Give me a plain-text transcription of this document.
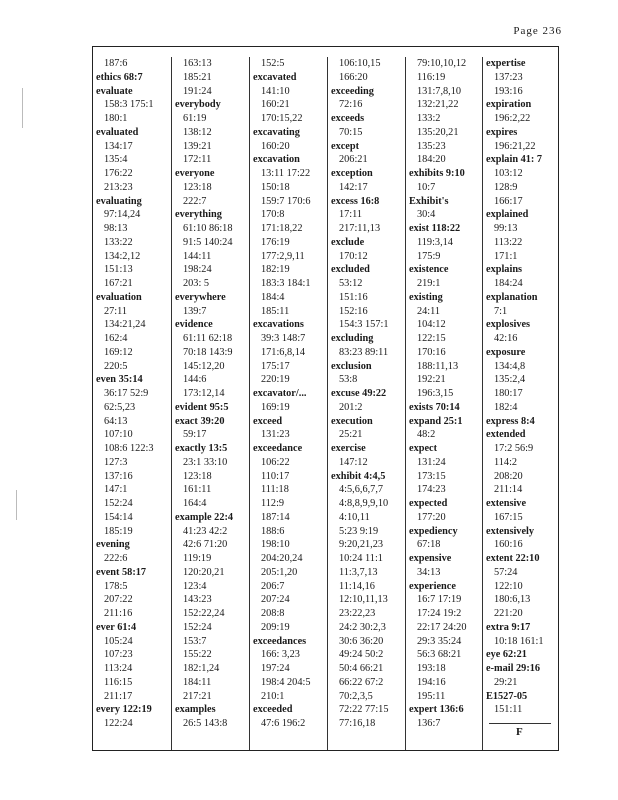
Page 236
187:6
ethics 68:7
evaluate
158:3 175:1
180:1
evaluated
134:17
135:4
176:22
213:23
evaluating
97:14,24
98:13
133:22
134:2,12
151:13
167:21
evaluation
27:11
134:21,24
162:4
169:12
220:5
even 35:14
36:17 52:9
62:5,23
64:13
107:10
108:6 122:3
127:3
137:16
147:1
152:24
154:14
185:19
evening
222:6
event 58:17
178:5
207:22
211:16
ever 61:4
105:24
107:23
113:24
116:15
211:17
every 122:19
122:24
163:13
185:21
191:24
everybody
61:19
138:12
139:21
172:11
everyone
123:18
222:7
everything
61:10 86:18
91:5 140:24
144:11
198:24
203: 5
everywhere
139:7
evidence
61:11 62:18
70:18 143:9
145:12,20
144:6
173:12,14
evident 95:5
exact 39:20
59:17
exactly 13:5
23:1 33:10
123:18
161:11
164:4
example 22:4
41:23 42:2
42:6 71:20
119:19
120:20,21
123:4
143:23
152:22,24
152:24
153:7
155:22
182:1,24
184:11
217:21
examples
26:5 143:8
152:5
excavated
141:10
160:21
170:15,22
excavating
160:20
excavation
13:11 17:22
150:18
159:7 170:6
170:8
171:18,22
176:19
177:2,9,11
182:19
183:3 184:1
184:4
185:11
excavations
39:3 148:7
171:6,8,14
175:17
220:19
excavator/...
169:19
exceed
131:23
exceedance
106:22
110:17
111:18
112:9
187:14
188:6
198:10
204:20,24
205:1,20
206:7
207:24
208:8
209:19
exceedances
166: 3,23
197:24
198:4 204:5
210:1
exceeded
47:6 196:2
106:10,15
166:20
exceeding
72:16
exceeds
70:15
except
206:21
exception
142:17
excess 16:8
17:11
217:11,13
exclude
170:12
excluded
53:12
151:16
152:16
154:3 157:1
excluding
83:23 89:11
exclusion
53:8
excuse 49:22
201:2
execution
25:21
exercise
147:12
exhibit 4:4,5
4:5,6,6,7,7
4:8,8,9,9,10
4:10,11
5:23 9:19
9:20,21,23
10:24 11:1
11:3,7,13
11:14,16
12:10,11,13
23:22,23
24:2 30:2,3
30:6 36:20
49:24 50:2
50:4 66:21
66:22 67:2
70:2,3,5
72:22 77:15
77:16,18
79:10,10,12
116:19
131:7,8,10
132:21,22
133:2
135:20,21
135:23
184:20
exhibits 9:10
10:7
Exhibit's
30:4
exist 118:22
119:3,14
175:9
existence
219:1
existing
24:11
104:12
122:15
170:16
188:11,13
192:21
196:3,15
exists 70:14
expand 25:1
48:2
expect
131:24
173:15
174:23
expected
177:20
expediency
67:18
expensive
34:13
experience
16:7 17:19
17:24 19:2
22:17 24:20
29:3 35:24
56:3 68:21
193:18
194:16
195:11
expert 136:6
136:7
expertise
137:23
193:16
expiration
196:2,22
expires
196:21,22
explain 41: 7
103:12
128:9
166:17
explained
99:13
113:22
171:1
explains
184:24
explanation
7:1
explosives
42:16
exposure
134:4,8
135:2,4
180:17
182:4
express 8:4
extended
17:2 56:9
114:2
208:20
211:14
extensive
167:15
extensively
160:16
extent 22:10
57:24
122:10
180:6,13
221:20
extra 9:17
10:18 161:1
eye 62:21
e-mail 29:16
29:21
E1527-05
151:11
F
